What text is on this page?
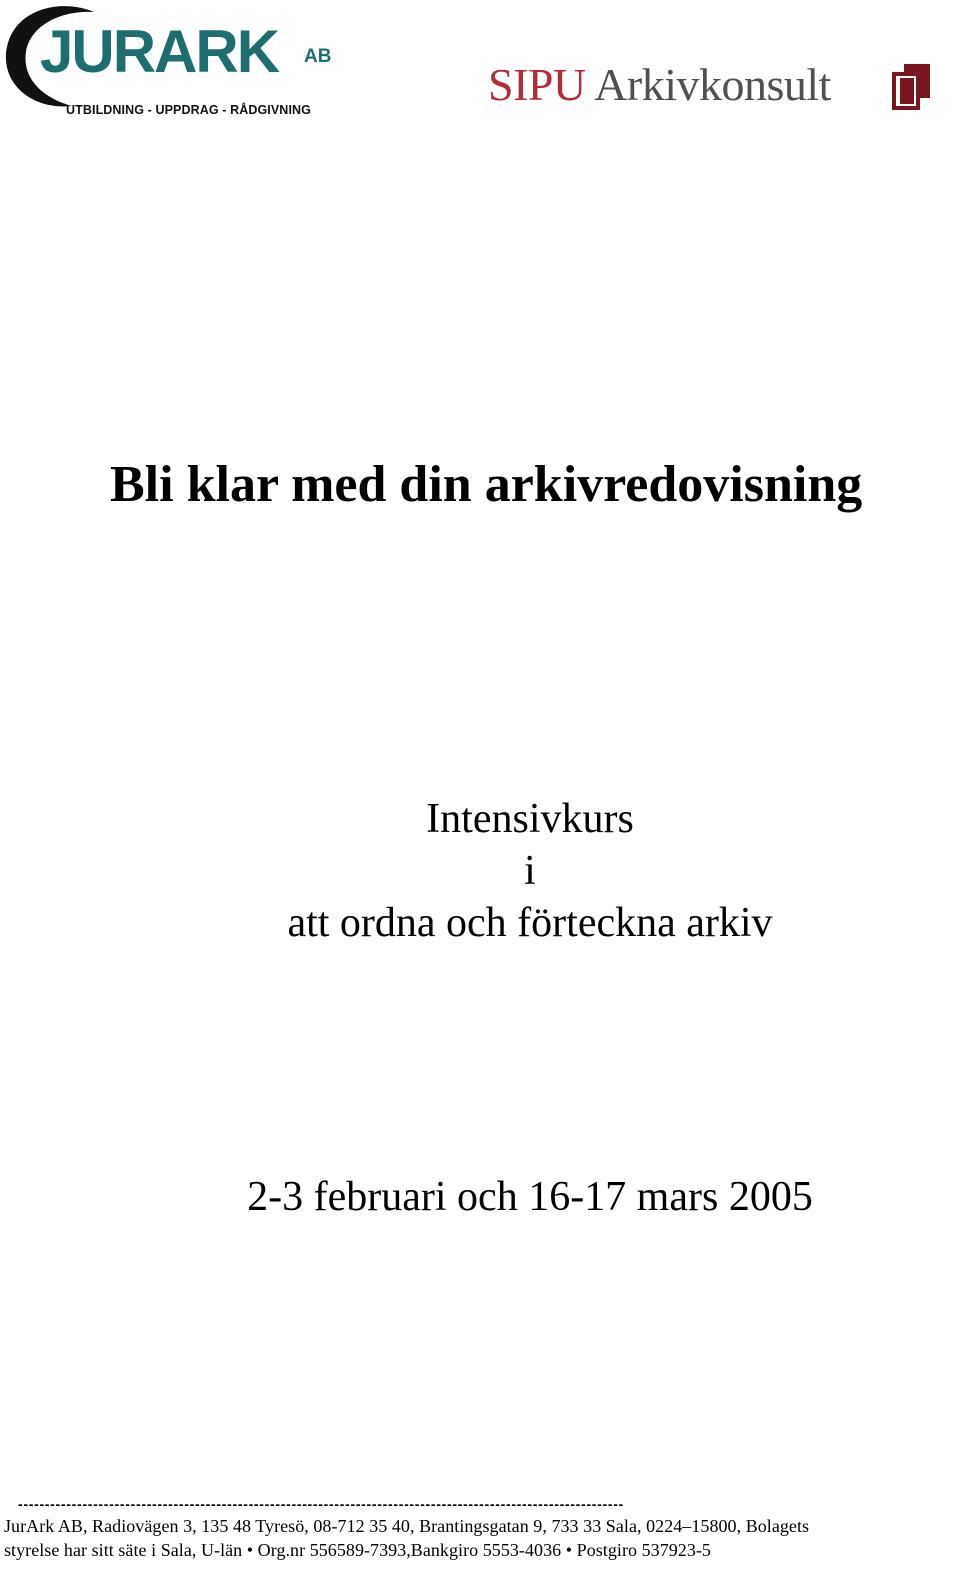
JURARK AB
UTBILDNING - UPPDRAG - RÅDGIVNING	SIPU Arkivkonsult
Bli klar med din arkivredovisning
Intensivkurs
i
att ordna och förteckna arkiv
2-3 februari och 16-17 mars 2005
-----------------------------------------------------------------------------------------------------------------
JurArk AB, Radiovägen 3, 135 48 Tyresö, 08-712 35 40, Brantingsgatan 9, 733 33 Sala, 0224–15800, Bolagets
styrelse har sitt säte i Sala, U-län • Org.nr 556589-7393,Bankgiro 5553-4036 • Postgiro 537923-5
